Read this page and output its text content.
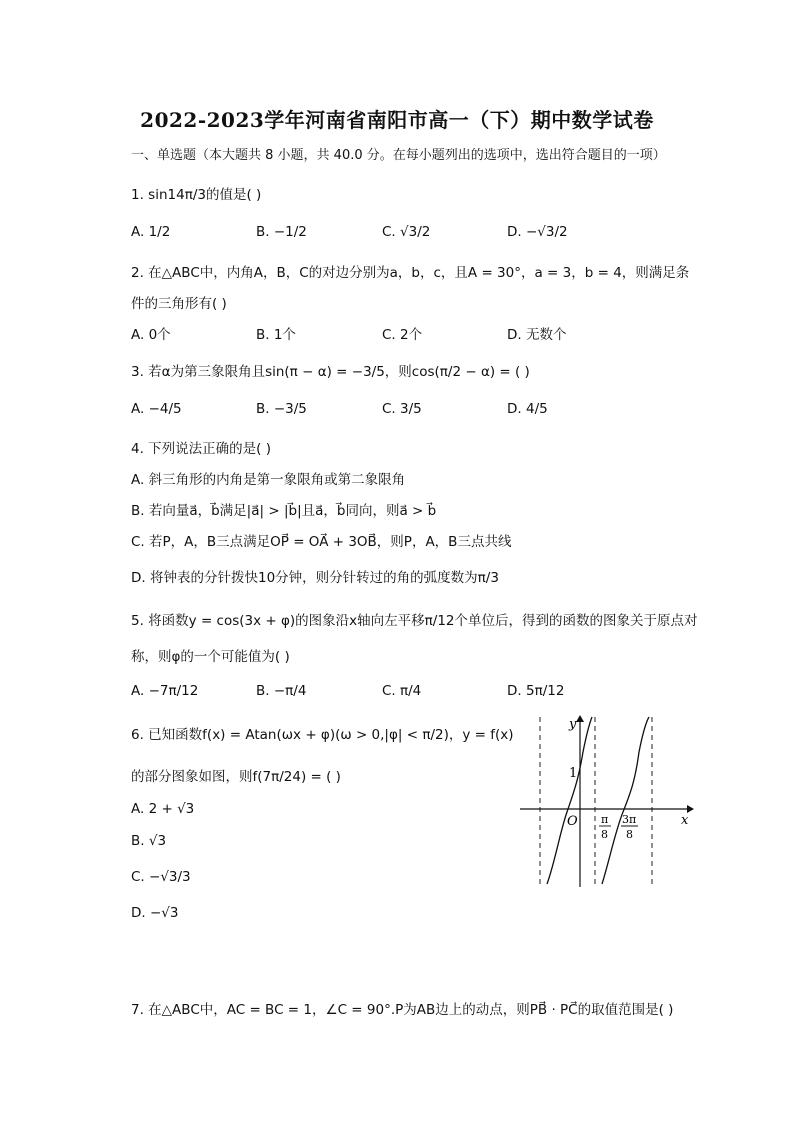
2022-2023学年河南省南阳市高一（下）期中数学试卷
一、单选题（本大题共 8 小题，共 40.0 分。在每小题列出的选项中，选出符合题目的一项）
1. sin14π/3的值是( )
A. 1/2	B. −1/2	C. √3/2	D. −√3/2
2. 在△ABC中，内角A，B，C的对边分别为a，b，c，且A = 30°，a = 3，b = 4，则满足条
件的三角形有( )
A. 0个	B. 1个	C. 2个	D. 无数个
3. 若α为第三象限角且sin(π − α) = −3/5，则cos(π/2 − α) = ( )
A. −4/5	B. −3/5	C. 3/5	D. 4/5
4. 下列说法正确的是( )
A. 斜三角形的内角是第一象限角或第二象限角
B. 若向量a⃗，b⃗满足|a⃗| > |b⃗|且a⃗，b⃗同向，则a⃗ > b⃗
C. 若P，A，B三点满足OP⃗ = OA⃗ + 3OB⃗，则P，A，B三点共线
D. 将钟表的分针拨快10分钟，则分针转过的角的弧度数为π/3
5. 将函数y = cos(3x + φ)的图象沿x轴向左平移π/12个单位后，得到的函数的图象关于原点对
称，则φ的一个可能值为( )
A. −7π/12	B. −π/4	C. π/4	D. 5π/12
6. 已知函数f(x) = Atan(ωx + φ)(ω > 0,|φ| < π/2)，y = f(x)
的部分图象如图，则f(7π/24) = ( )
A. 2 + √3
B. √3
C. −√3/3
D. −√3
y
x
O
1
π
8
3π
8
7. 在△ABC中，AC = BC = 1，∠C = 90°.P为AB边上的动点，则PB⃗ · PC⃗的取值范围是( )
